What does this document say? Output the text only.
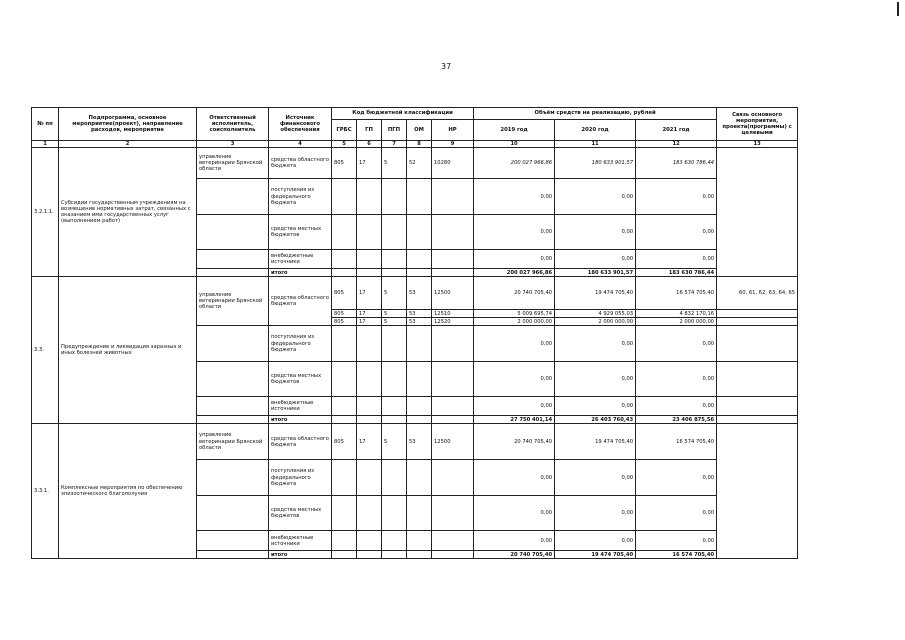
37
№ пп	Подпрограмма, основное мероприятие(проект), направление расходов, мероприятие	Ответственный исполнитель, соисполнитель	Источник финансового обеспечения	Код бюджетной классификации					Объём средств на реализацию, рублей			Связь основного мероприятия, проекта(программы) с целевыми
				ГРБС	ГП	ПГП	ОМ	НР	2019 год	2020 год	2021 год	
1	2	3	4	5	6	7	8	9	10	11	12	13
3.2.1.1.	Субсидии государственным учреждениям на возмещение нормативных затрат, связанных с оказанием ими государственных услуг (выполнением работ)	управление ветеринарии Брянской области	средства областного бюджета	805	17	5	52	10280	200 027 966,86	180 633 901,57	183 630 786,44	
			поступления из федерального бюджета						0,00	0,00	0,00	
			средства местных бюджетов						0,00	0,00	0,00	
			внебюджетные источники						0,00	0,00	0,00	
			итого						200 027 966,86	180 633 901,57	183 630 786,44	
3.3.	Предупреждение и ликвидация заразных и иных болезней животных	управление ветеринарии Брянской области	средства областного бюджета	805	17	5	53	12500	20 740 705,40	19 474 705,40	16 574 705,40	60, 61, 62, 63, 64, 65
				805	17	5	53	12510	5 009 695,74	4 929 055,03	4 832 170,16	
				805	17	5	53	12520	2 000 000,00	2 000 000,00	2 000 000,00	
			поступления из федерального бюджета						0,00	0,00	0,00	
			средства местных бюджетов						0,00	0,00	0,00	
			внебюджетные источники						0,00	0,00	0,00	
			итого						27 750 401,14	26 403 760,43	23 406 875,56	
3.3.1.	Комплексные мероприятия по обеспечению эпизоотического благополучия	управление ветеринарии Брянской области	средства областного бюджета	805	17	5	53	12500	20 740 705,40	19 474 705,40	16 574 705,40	
			поступления из федерального бюджета						0,00	0,00	0,00	
			средства местных бюджетов						0,00	0,00	0,00	
			внебюджетные источники						0,00	0,00	0,00	
			итого						20 740 705,40	19 474 705,40	16 574 705,40	
